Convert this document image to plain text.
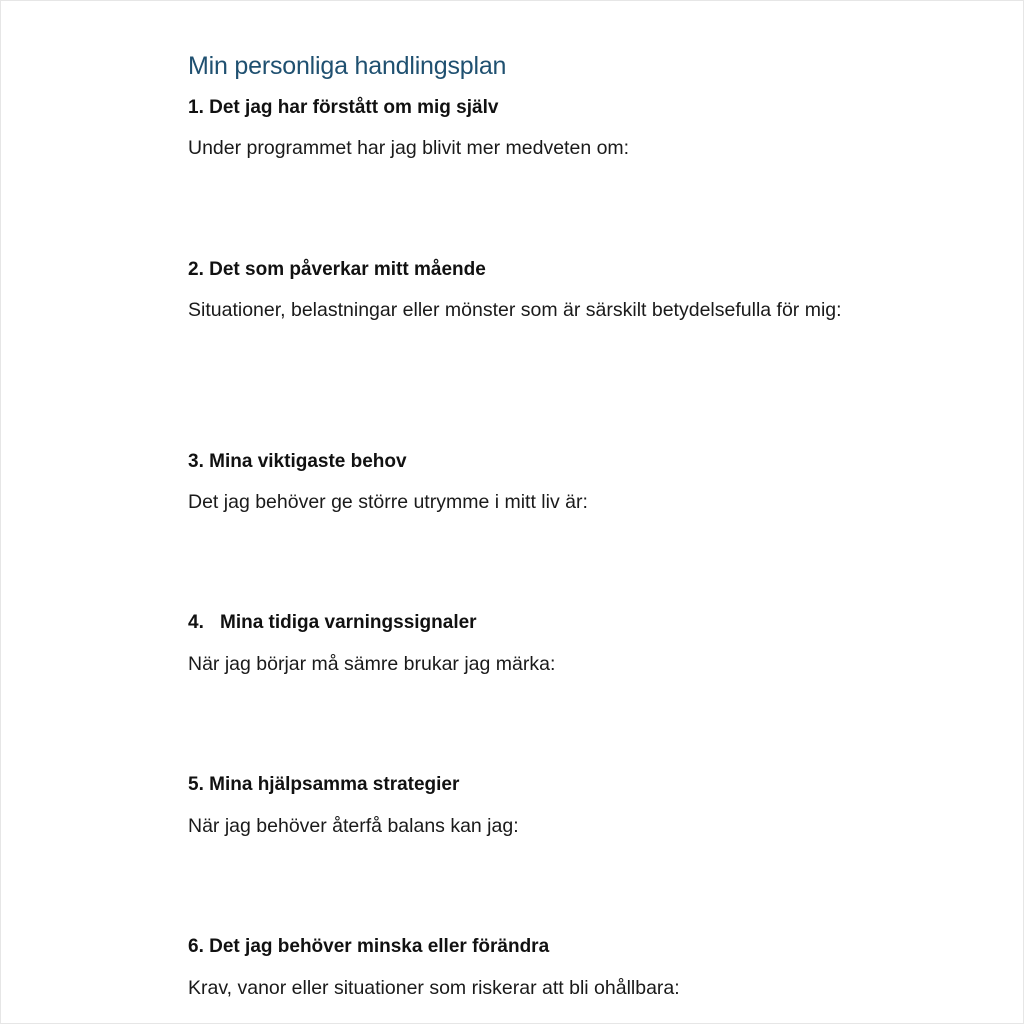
Min personliga handlingsplan
1. Det jag har förstått om mig själv

Under programmet har jag blivit mer medveten om:

2. Det som påverkar mitt mående

Situationer, belastningar eller mönster som är särskilt betydelsefulla för mig:

3. Mina viktigaste behov

Det jag behöver ge större utrymme i mitt liv är:

4. Mina tidiga varningssignaler

När jag börjar må sämre brukar jag märka:

5. Mina hjälpsamma strategier

När jag behöver återfå balans kan jag:

6. Det jag behöver minska eller förändra

Krav, vanor eller situationer som riskerar att bli ohållbara:
